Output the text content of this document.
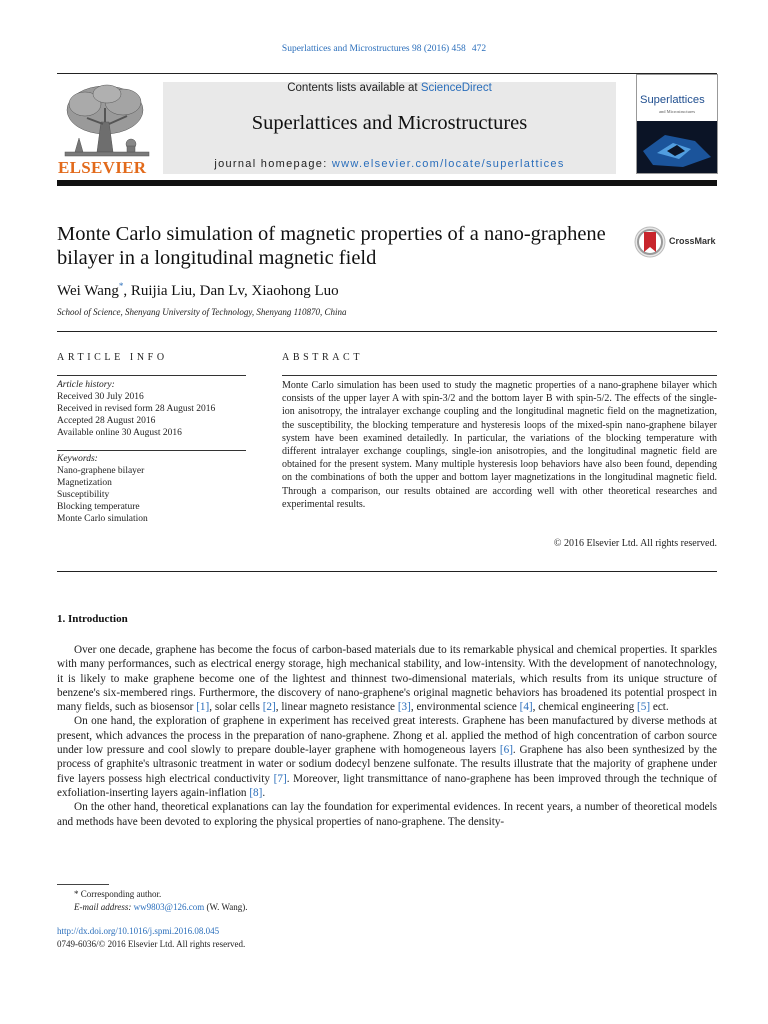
Superlattices and Microstructures 98 (2016) 458 472
ELSEVIER
Contents lists available at ScienceDirect
Superlattices and Microstructures
journal homepage: www.elsevier.com/locate/superlattices
Superlattices
and Microstructures
Monte Carlo simulation of magnetic properties of a nano-graphene bilayer in a longitudinal magnetic field
CrossMark
Wei Wang*, Ruijia Liu, Dan Lv, Xiaohong Luo
School of Science, Shenyang University of Technology, Shenyang 110870, China
ARTICLE INFO
Article history:
Received 30 July 2016
Received in revised form 28 August 2016
Accepted 28 August 2016
Available online 30 August 2016
Keywords:
Nano-graphene bilayer
Magnetization
Susceptibility
Blocking temperature
Monte Carlo simulation
ABSTRACT
Monte Carlo simulation has been used to study the magnetic properties of a nano-graphene bilayer which consists of the upper layer A with spin-3/2 and the bottom layer B with spin-5/2. The effects of the single-ion anisotropy, the intralayer exchange coupling and the longitudinal magnetic field on the magnetization, the susceptibility, the blocking temperature and hysteresis loops of the mixed-spin nano-graphene bilayer system have been examined detailedly. In particular, the variations of the blocking temperature with different intralayer exchange couplings, single-ion anisotropies, and the longitudinal magnetic field are obtained for the present system. Many multiple hysteresis loop behaviors have also been found, depending on the combinations of both the upper and bottom layer magnetizations in the longitudinal magnetic field. Through a comparison, our results obtained are according well with other theoretical researches and experimental results.
© 2016 Elsevier Ltd. All rights reserved.
1. Introduction

Over one decade, graphene has become the focus of carbon-based materials due to its remarkable physical and chemical properties. It sparkles with many performances, such as electrical energy storage, high mechanical stability, and low-intensity. With the development of nanotechnology, it is likely to make graphene become one of the lightest and thinnest two-dimensional materials, which results from its unique structure of benzene's six-membered rings. Furthermore, the discovery of nano-graphene's original magnetic behaviors has broadened its potential prospect in many fields, such as biosensor [1], solar cells [2], linear magneto resistance [3], environmental science [4], chemical engineering [5] ect.

On one hand, the exploration of graphene in experiment has received great interests. Graphene has been manufactured by diverse methods at present, which advances the process in the preparation of nano-graphene. Zhong et al. applied the method of high concentration of carbon source under low pressure and cool slowly to prepare double-layer graphene with homogeneous layers [6]. Graphene has also been synthesized by the process of graphite's ultrasonic treatment in water or sodium dodecyl benzene sulfonate. The results illustrate that the majority of graphene under five layers possess high electrical conductivity [7]. Moreover, light transmittance of nano-graphene has been improved through the technique of exfoliation-inserting layers again-inflation [8].

On the other hand, theoretical explanations can lay the foundation for experimental evidences. In recent years, a number of theoretical models and methods have been devoted to exploring the physical properties of nano-graphene. The density-

* Corresponding author.
E-mail address: ww9803@126.com (W. Wang).
http://dx.doi.org/10.1016/j.spmi.2016.08.045
0749-6036/© 2016 Elsevier Ltd. All rights reserved.
